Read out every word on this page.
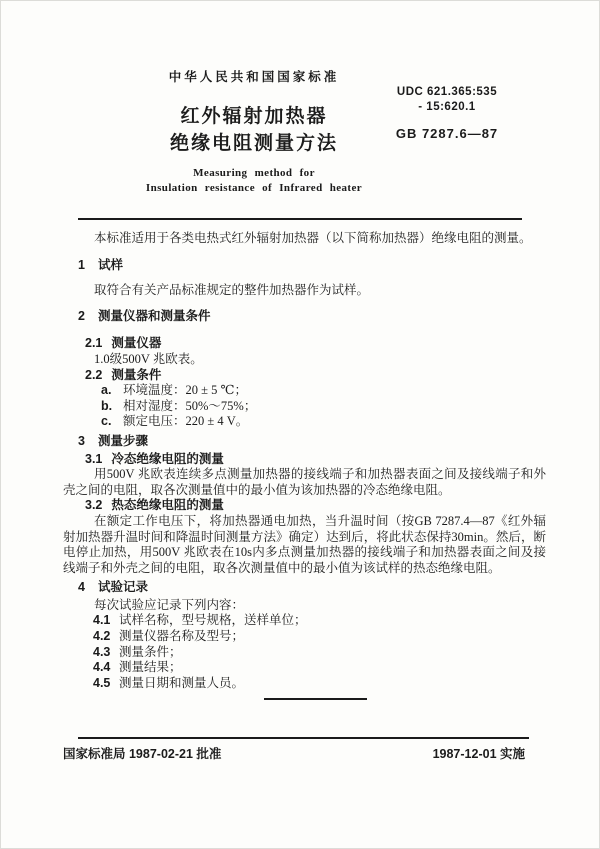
中华人民共和国国家标准
红外辐射加热器
绝缘电阻测量方法
Measuring method for
Insulation resistance of Infrared heater
UDC 621.365:535
- 15:620.1
GB 7287.6—87

本标准适用于各类电热式红外辐射加热器（以下简称加热器）绝缘电阻的测量。

1 试样

取符合有关产品标准规定的整件加热器作为试样。

2 测量仪器和测量条件
2.1 测量仪器

1.0级500V 兆欧表。

2.2 测量条件
a. 环境温度：20 ± 5 ℃；
b. 相对湿度：50%～75%；
c. 额定电压：220 ± 4 V。
3 测量步骤
3.1 冷态绝缘电阻的测量

用500V 兆欧表连续多点测量加热器的接线端子和加热器表面之间及接线端子和外壳之间的电阻，取各次测量值中的最小值为该加热器的冷态绝缘电阻。

3.2 热态绝缘电阻的测量

在额定工作电压下，将加热器通电加热，当升温时间（按GB 7287.4—87《红外辐射加热器升温时间和降温时间测量方法》确定）达到后，将此状态保持30min。然后，断电停止加热，用500V 兆欧表在10s内多点测量加热器的接线端子和加热器表面之间及接线端子和外壳之间的电阻，取各次测量值中的最小值为该试样的热态绝缘电阻。

4 试验记录

每次试验应记录下列内容：

4.1 试样名称，型号规格，送样单位；
4.2 测量仪器名称及型号；
4.3 测量条件；
4.4 测量结果；
4.5 测量日期和测量人员。
国家标准局 1987-02-21 批准	1987-12-01 实施
